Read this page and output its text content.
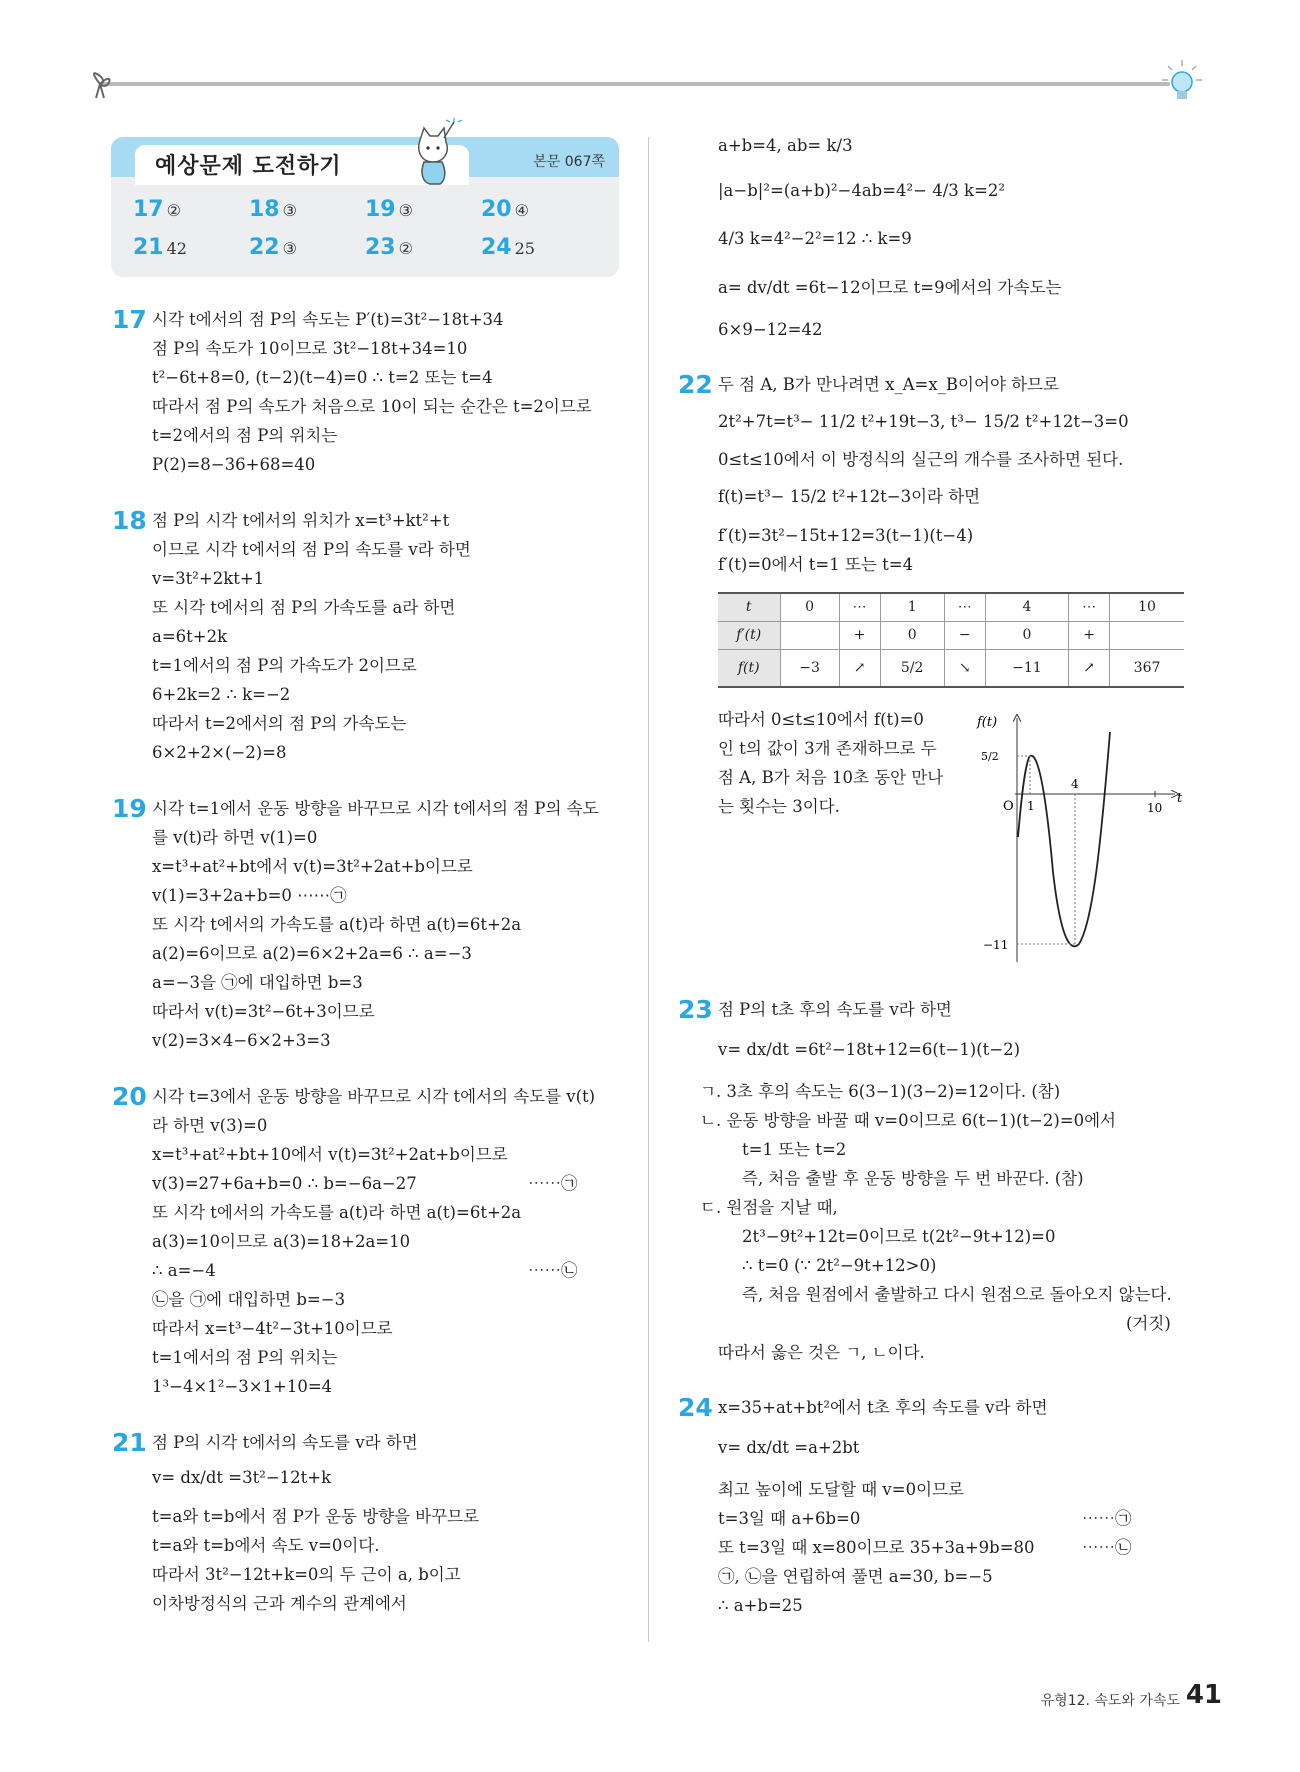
예상문제 도전하기	본문 067쪽
17 ②	18 ③	19 ③	20 ④
21 42	22 ③	23 ②	24 25
17 시각 t에서의 점 P의 속도는 P′(t)=3t²−18t+34
점 P의 속도가 10이므로 3t²−18t+34=10
t²−6t+8=0, (t−2)(t−4)=0 ∴ t=2 또는 t=4
따라서 점 P의 속도가 처음으로 10이 되는 순간은 t=2이므로
t=2에서의 점 P의 위치는
P(2)=8−36+68=40
18 점 P의 시각 t에서의 위치가 x=t³+kt²+t
이므로 시각 t에서의 점 P의 속도를 v라 하면
v=3t²+2kt+1
또 시각 t에서의 점 P의 가속도를 a라 하면
a=6t+2k
t=1에서의 점 P의 가속도가 2이므로
6+2k=2 ∴ k=−2
따라서 t=2에서의 점 P의 가속도는
6×2+2×(−2)=8
19 시각 t=1에서 운동 방향을 바꾸므로 시각 t에서의 점 P의 속도
를 v(t)라 하면 v(1)=0
x=t³+at²+bt에서 v(t)=3t²+2at+b이므로
v(1)=3+2a+b=0 ⋯⋯㉠
또 시각 t에서의 가속도를 a(t)라 하면 a(t)=6t+2a
a(2)=6이므로 a(2)=6×2+2a=6 ∴ a=−3
a=−3을 ㉠에 대입하면 b=3
따라서 v(t)=3t²−6t+3이므로
v(2)=3×4−6×2+3=3
20 시각 t=3에서 운동 방향을 바꾸므로 시각 t에서의 속도를 v(t)
라 하면 v(3)=0
x=t³+at²+bt+10에서 v(t)=3t²+2at+b이므로
v(3)=27+6a+b=0 ∴ b=−6a−27	⋯⋯㉠
또 시각 t에서의 가속도를 a(t)라 하면 a(t)=6t+2a
a(3)=10이므로 a(3)=18+2a=10
∴ a=−4	⋯⋯㉡
㉡을 ㉠에 대입하면 b=−3
따라서 x=t³−4t²−3t+10이므로
t=1에서의 점 P의 위치는
1³−4×1²−3×1+10=4
21 점 P의 시각 t에서의 속도를 v라 하면
v= dx/dt =3t²−12t+k
t=a와 t=b에서 점 P가 운동 방향을 바꾸므로
t=a와 t=b에서 속도 v=0이다.
따라서 3t²−12t+k=0의 두 근이 a, b이고
이차방정식의 근과 계수의 관계에서
a+b=4, ab= k/3
|a−b|²=(a+b)²−4ab=4²− 4/3 k=2²
4/3 k=4²−2²=12 ∴ k=9
a= dv/dt =6t−12이므로 t=9에서의 가속도는
6×9−12=42
22 두 점 A, B가 만나려면 x_A=x_B이어야 하므로
2t²+7t=t³− 11/2 t²+19t−3, t³− 15/2 t²+12t−3=0
0≤t≤10에서 이 방정식의 실근의 개수를 조사하면 된다.
f(t)=t³− 15/2 t²+12t−3이라 하면
f′(t)=3t²−15t+12=3(t−1)(t−4)
f′(t)=0에서 t=1 또는 t=4
t	0	⋯	1	⋯	4	⋯	10
f′(t)		+	0	−	0	+	
f(t)	−3	↗	5/2	↘	−11	↗	367
따라서 0≤t≤10에서 f(t)=0
인 t의 값이 3개 존재하므로 두
점 A, B가 처음 10초 동안 만나
는 횟수는 3이다.
f(t)
t
O 1
4
10
5/2
−11
23 점 P의 t초 후의 속도를 v라 하면
v= dx/dt =6t²−18t+12=6(t−1)(t−2)
ㄱ. 3초 후의 속도는 6(3−1)(3−2)=12이다. (참)
ㄴ. 운동 방향을 바꿀 때 v=0이므로 6(t−1)(t−2)=0에서
t=1 또는 t=2
즉, 처음 출발 후 운동 방향을 두 번 바꾼다. (참)
ㄷ. 원점을 지날 때,
2t³−9t²+12t=0이므로 t(2t²−9t+12)=0
∴ t=0 (∵ 2t²−9t+12>0)
즉, 처음 원점에서 출발하고 다시 원점으로 돌아오지 않는다.
(거짓)
따라서 옳은 것은 ㄱ, ㄴ이다.
24 x=35+at+bt²에서 t초 후의 속도를 v라 하면
v= dx/dt =a+2bt
최고 높이에 도달할 때 v=0이므로
t=3일 때 a+6b=0	⋯⋯㉠
또 t=3일 때 x=80이므로 35+3a+9b=80	⋯⋯㉡
㉠, ㉡을 연립하여 풀면 a=30, b=−5
∴ a+b=25
유형12. 속도와 가속도 41
